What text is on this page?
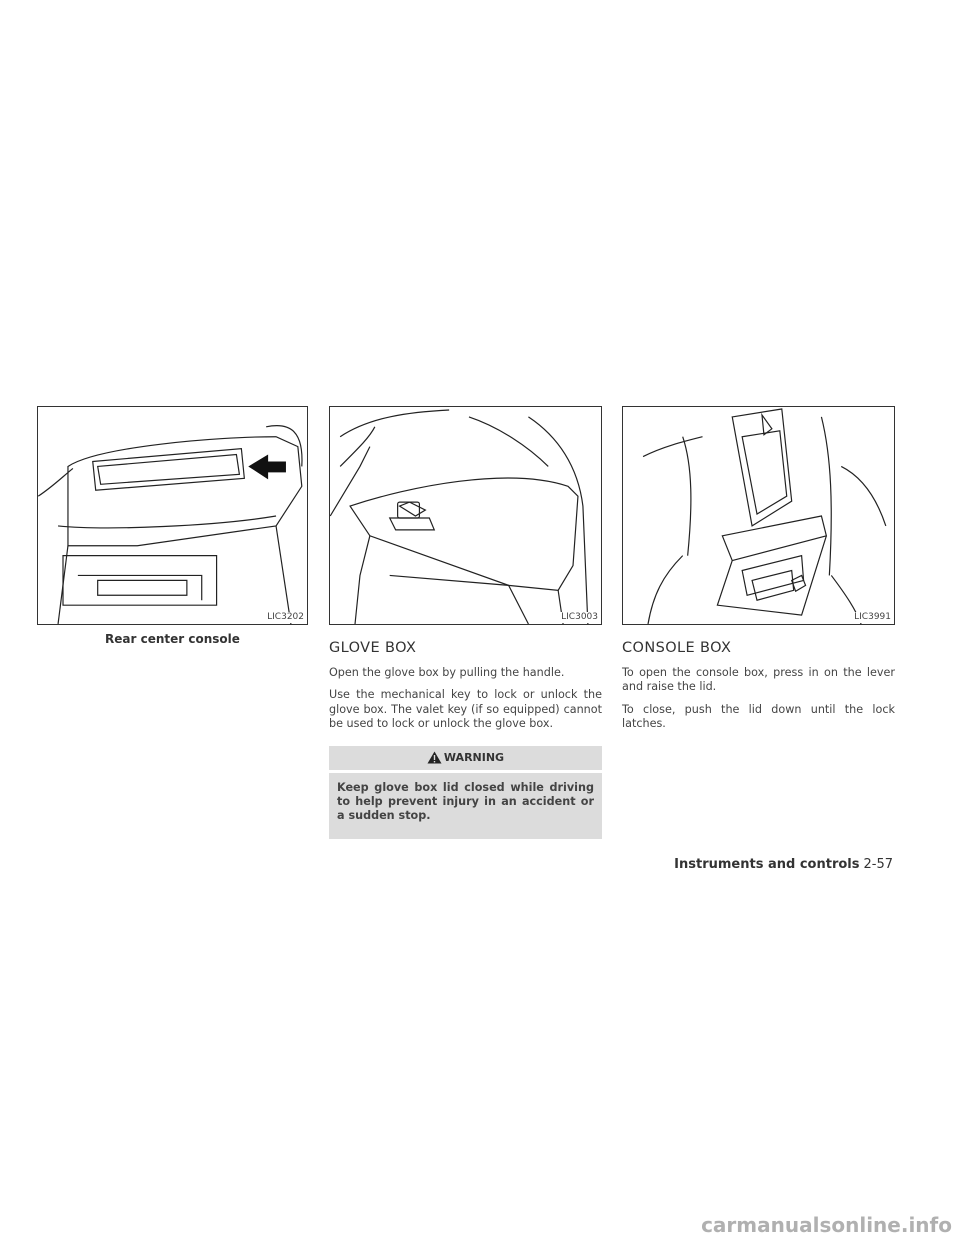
LIC3202	LIC3003	LIC3991
Rear center console
GLOVE BOX

Open the glove box by pulling the handle.

Use the mechanical key to lock or unlock the glove box. The valet key (if so equipped) cannot be used to lock or unlock the glove box.

WARNING

Keep glove box lid closed while driving to help prevent injury in an accident or a sudden stop.

CONSOLE BOX

To open the console box, press in on the lever and raise the lid.

To close, push the lid down until the lock latches.

Instruments and controls 2-57
carmanualsonline.info
